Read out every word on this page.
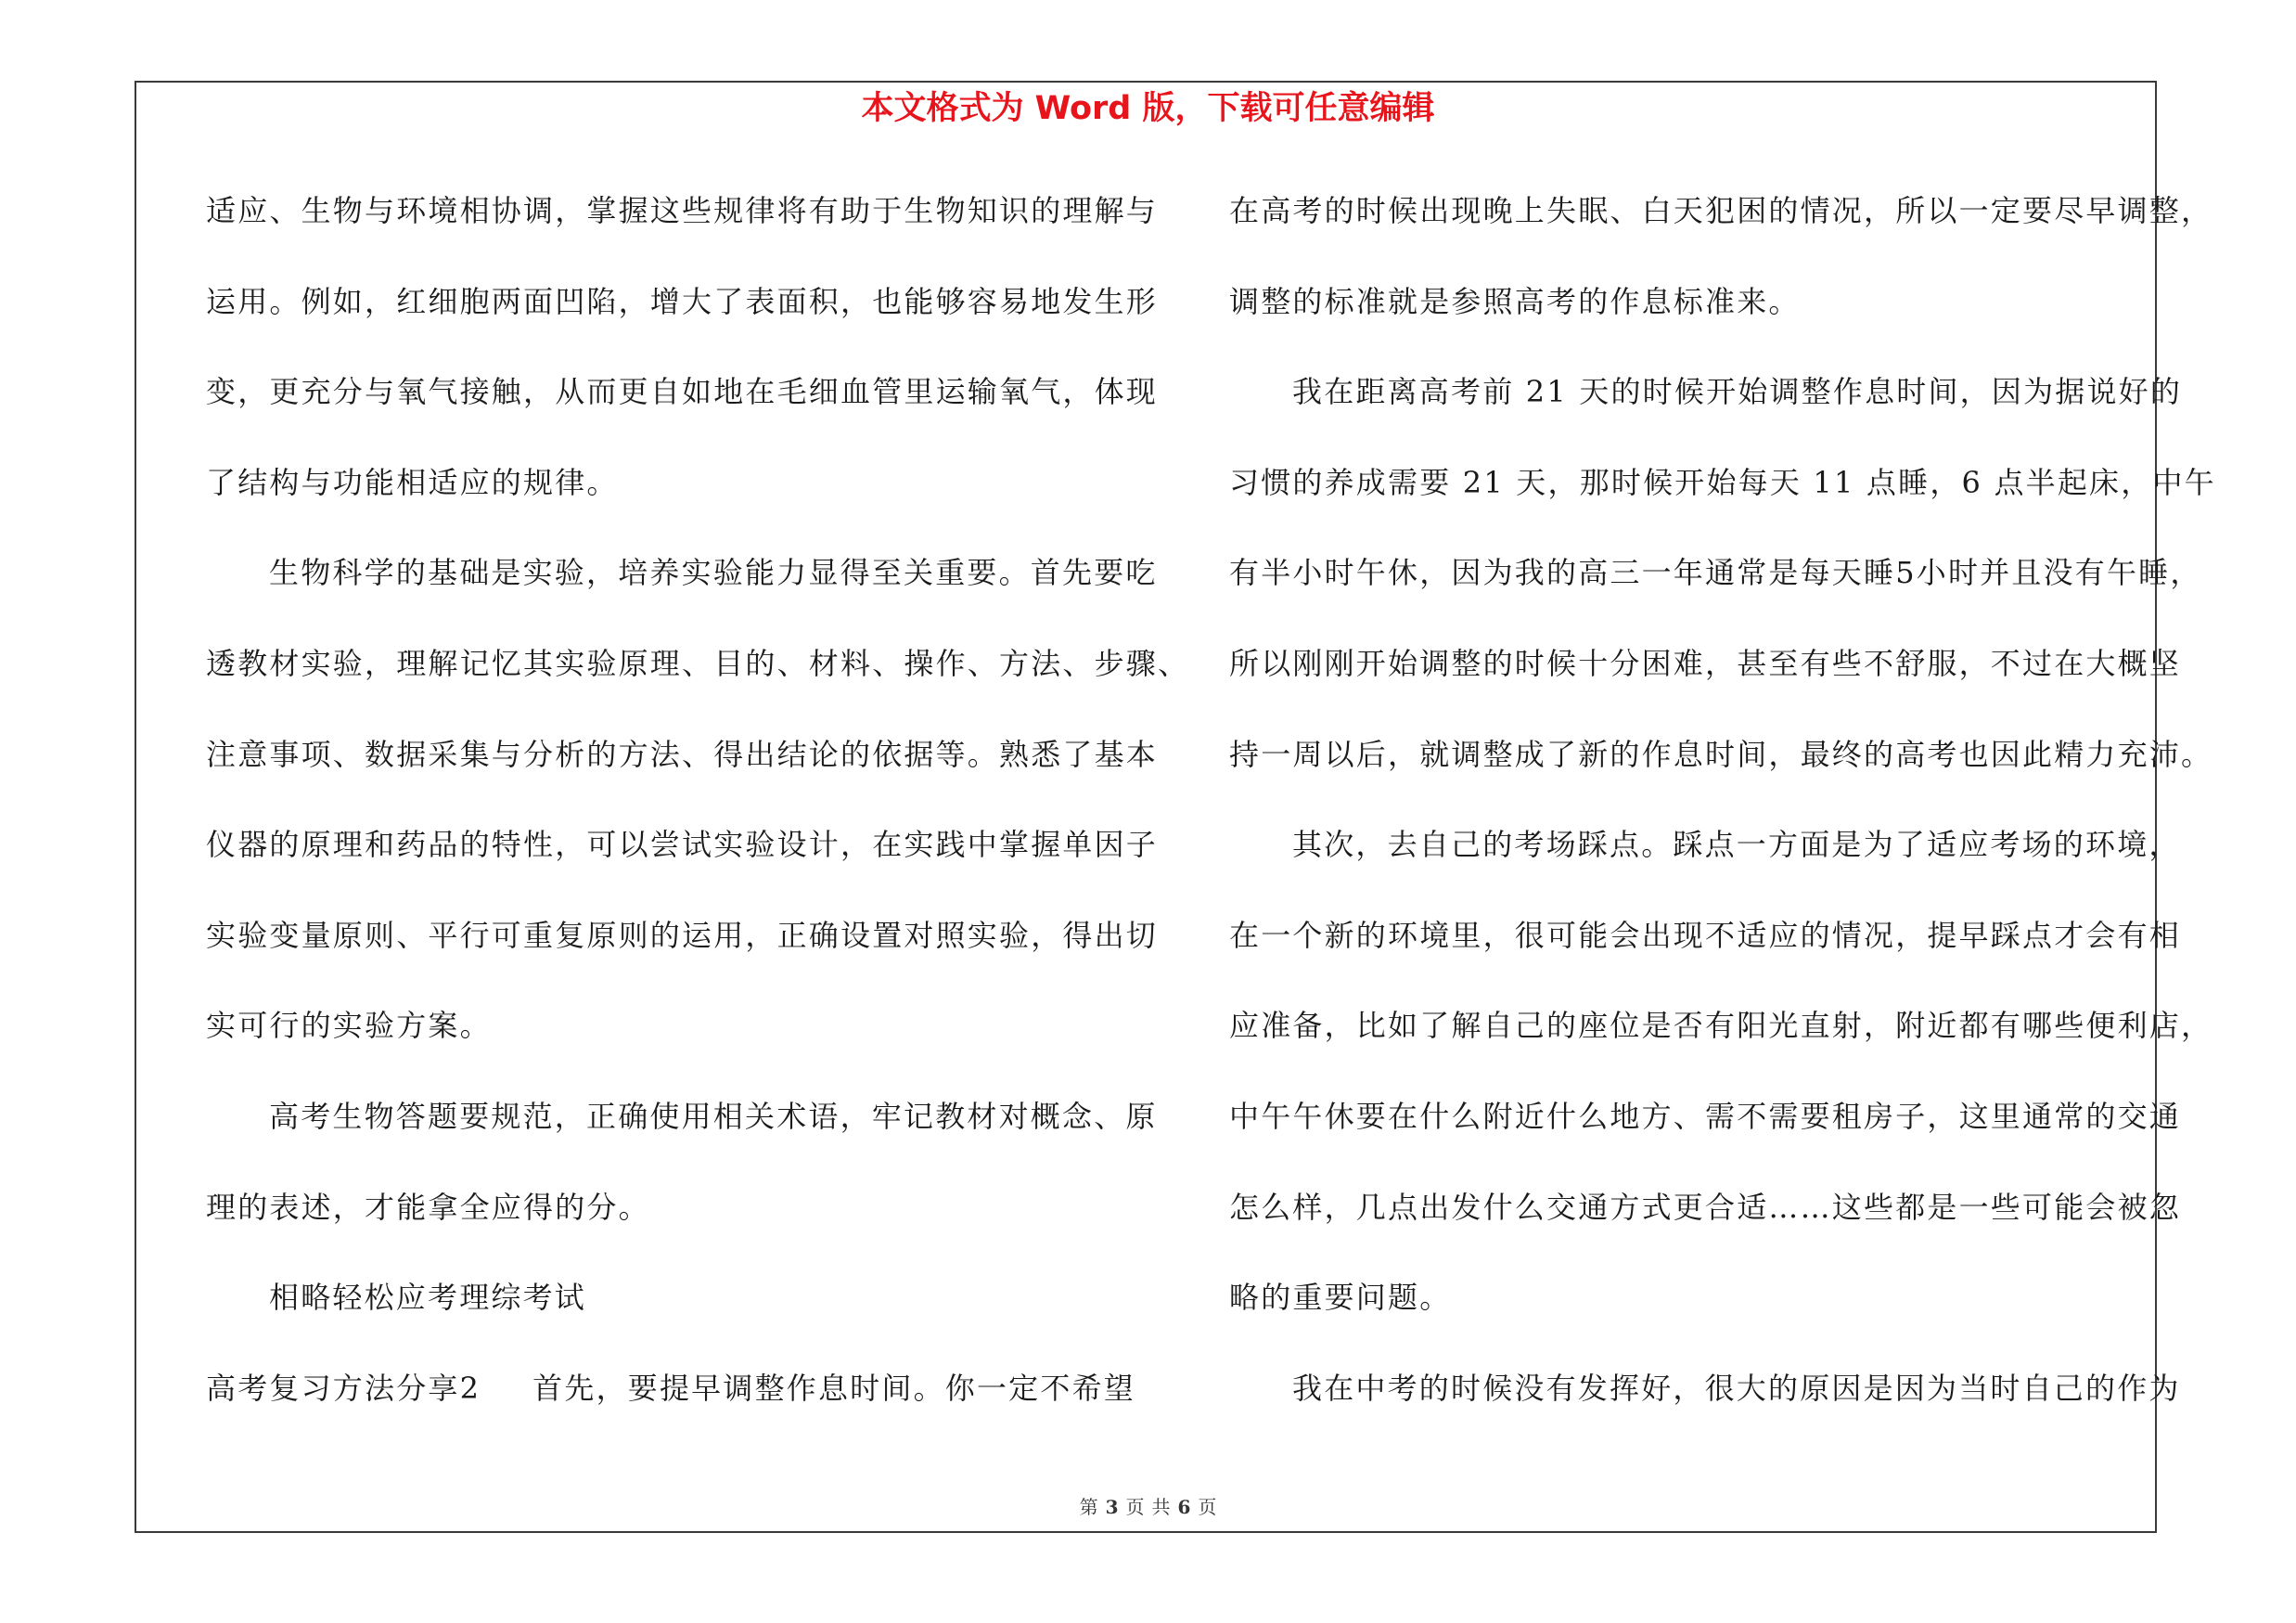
本文格式为 Word 版，下载可任意编辑
适应、生物与环境相协调，掌握这些规律将有助于生物知识的理解与
运用。例如，红细胞两面凹陷，增大了表面积，也能够容易地发生形
变，更充分与氧气接触，从而更自如地在毛细血管里运输氧气，体现
了结构与功能相适应的规律。
生物科学的基础是实验，培养实验能力显得至关重要。首先要吃
透教材实验，理解记忆其实验原理、目的、材料、操作、方法、步骤、
注意事项、数据采集与分析的方法、得出结论的依据等。熟悉了基本
仪器的原理和药品的特性，可以尝试实验设计，在实践中掌握单因子
实验变量原则、平行可重复原则的运用，正确设置对照实验，得出切
实可行的实验方案。
高考生物答题要规范，正确使用相关术语，牢记教材对概念、原
理的表述，才能拿全应得的分。
相略轻松应考理综考试
高考复习方法分享2 首先，要提早调整作息时间。你一定不希望
在高考的时候出现晚上失眠、白天犯困的情况，所以一定要尽早调整，
调整的标准就是参照高考的作息标准来。
我在距离高考前 21 天的时候开始调整作息时间，因为据说好的
习惯的养成需要 21 天，那时候开始每天 11 点睡，6 点半起床，中午
有半小时午休，因为我的高三一年通常是每天睡5小时并且没有午睡，
所以刚刚开始调整的时候十分困难，甚至有些不舒服，不过在大概坚
持一周以后，就调整成了新的作息时间，最终的高考也因此精力充沛。
其次，去自己的考场踩点。踩点一方面是为了适应考场的环境，
在一个新的环境里，很可能会出现不适应的情况，提早踩点才会有相
应准备，比如了解自己的座位是否有阳光直射，附近都有哪些便利店，
中午午休要在什么附近什么地方、需不需要租房子，这里通常的交通
怎么样，几点出发什么交通方式更合适……这些都是一些可能会被忽
略的重要问题。
我在中考的时候没有发挥好，很大的原因是因为当时自己的作为
第 3 页 共 6 页
